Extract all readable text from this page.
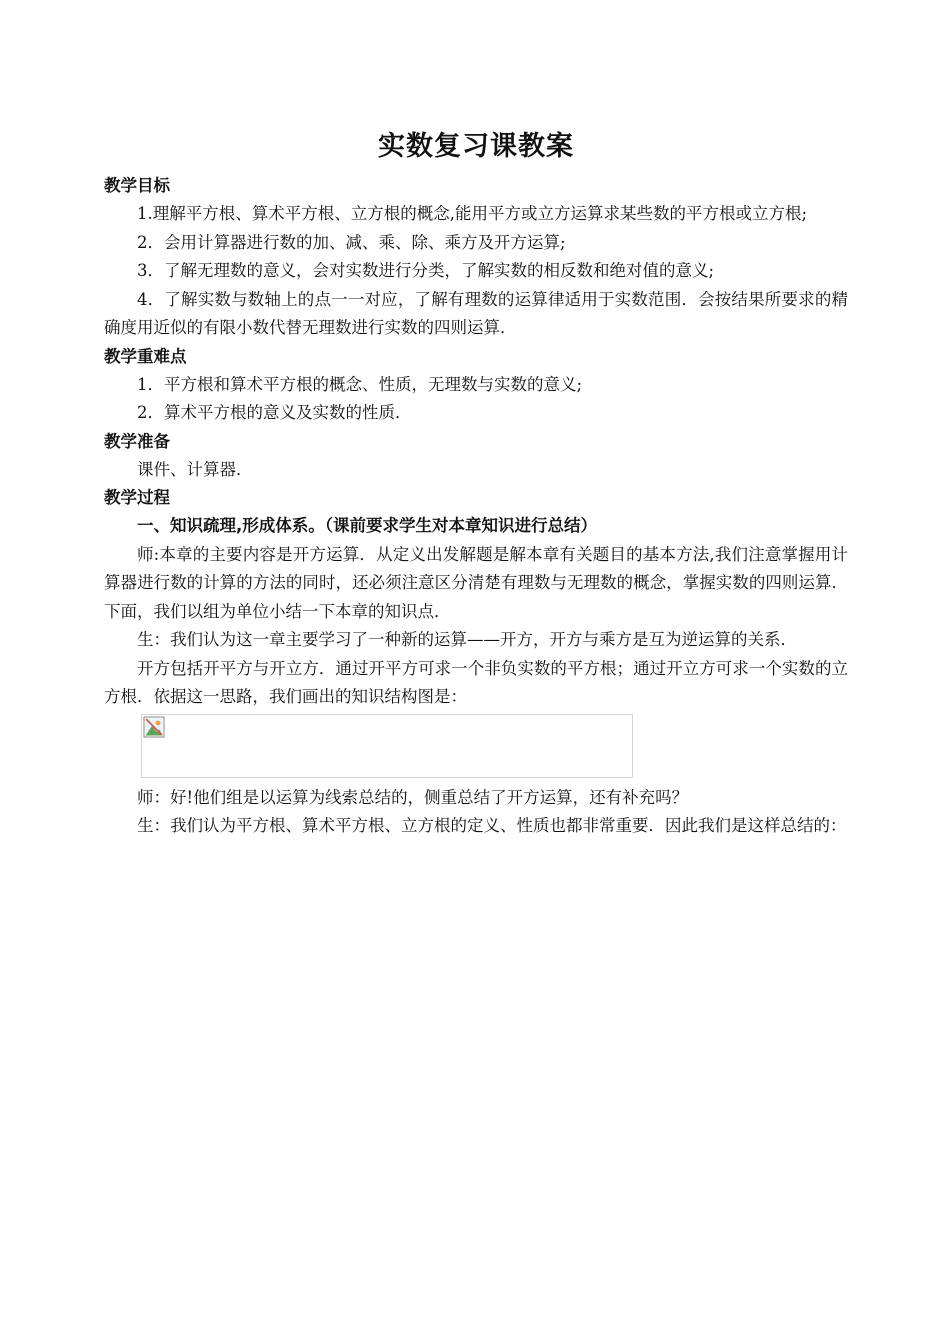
实数复习课教案

教学目标

1.理解平方根、算术平方根、立方根的概念,能用平方或立方运算求某些数的平方根或立方根;

2．会用计算器进行数的加、减、乘、除、乘方及开方运算;

3．了解无理数的意义，会对实数进行分类，了解实数的相反数和绝对值的意义;

4．了解实数与数轴上的点一一对应，了解有理数的运算律适用于实数范围．会按结果所要求的精确度用近似的有限小数代替无理数进行实数的四则运算．

教学重难点

1．平方根和算术平方根的概念、性质，无理数与实数的意义;

2．算术平方根的意义及实数的性质．

教学准备

课件、计算器．

教学过程

一、知识疏理,形成体系。（课前要求学生对本章知识进行总结）

师:本章的主要内容是开方运算．从定义出发解题是解本章有关题目的基本方法,我们注意掌握用计算器进行数的计算的方法的同时，还必须注意区分清楚有理数与无理数的概念，掌握实数的四则运算．下面，我们以组为单位小结一下本章的知识点．

生：我们认为这一章主要学习了一种新的运算——开方，开方与乘方是互为逆运算的关系．

开方包括开平方与开立方．通过开平方可求一个非负实数的平方根；通过开立方可求一个实数的立方根．依据这一思路，我们画出的知识结构图是：

师：好!他们组是以运算为线索总结的，侧重总结了开方运算，还有补充吗？

生：我们认为平方根、算术平方根、立方根的定义、性质也都非常重要．因此我们是这样总结的：
